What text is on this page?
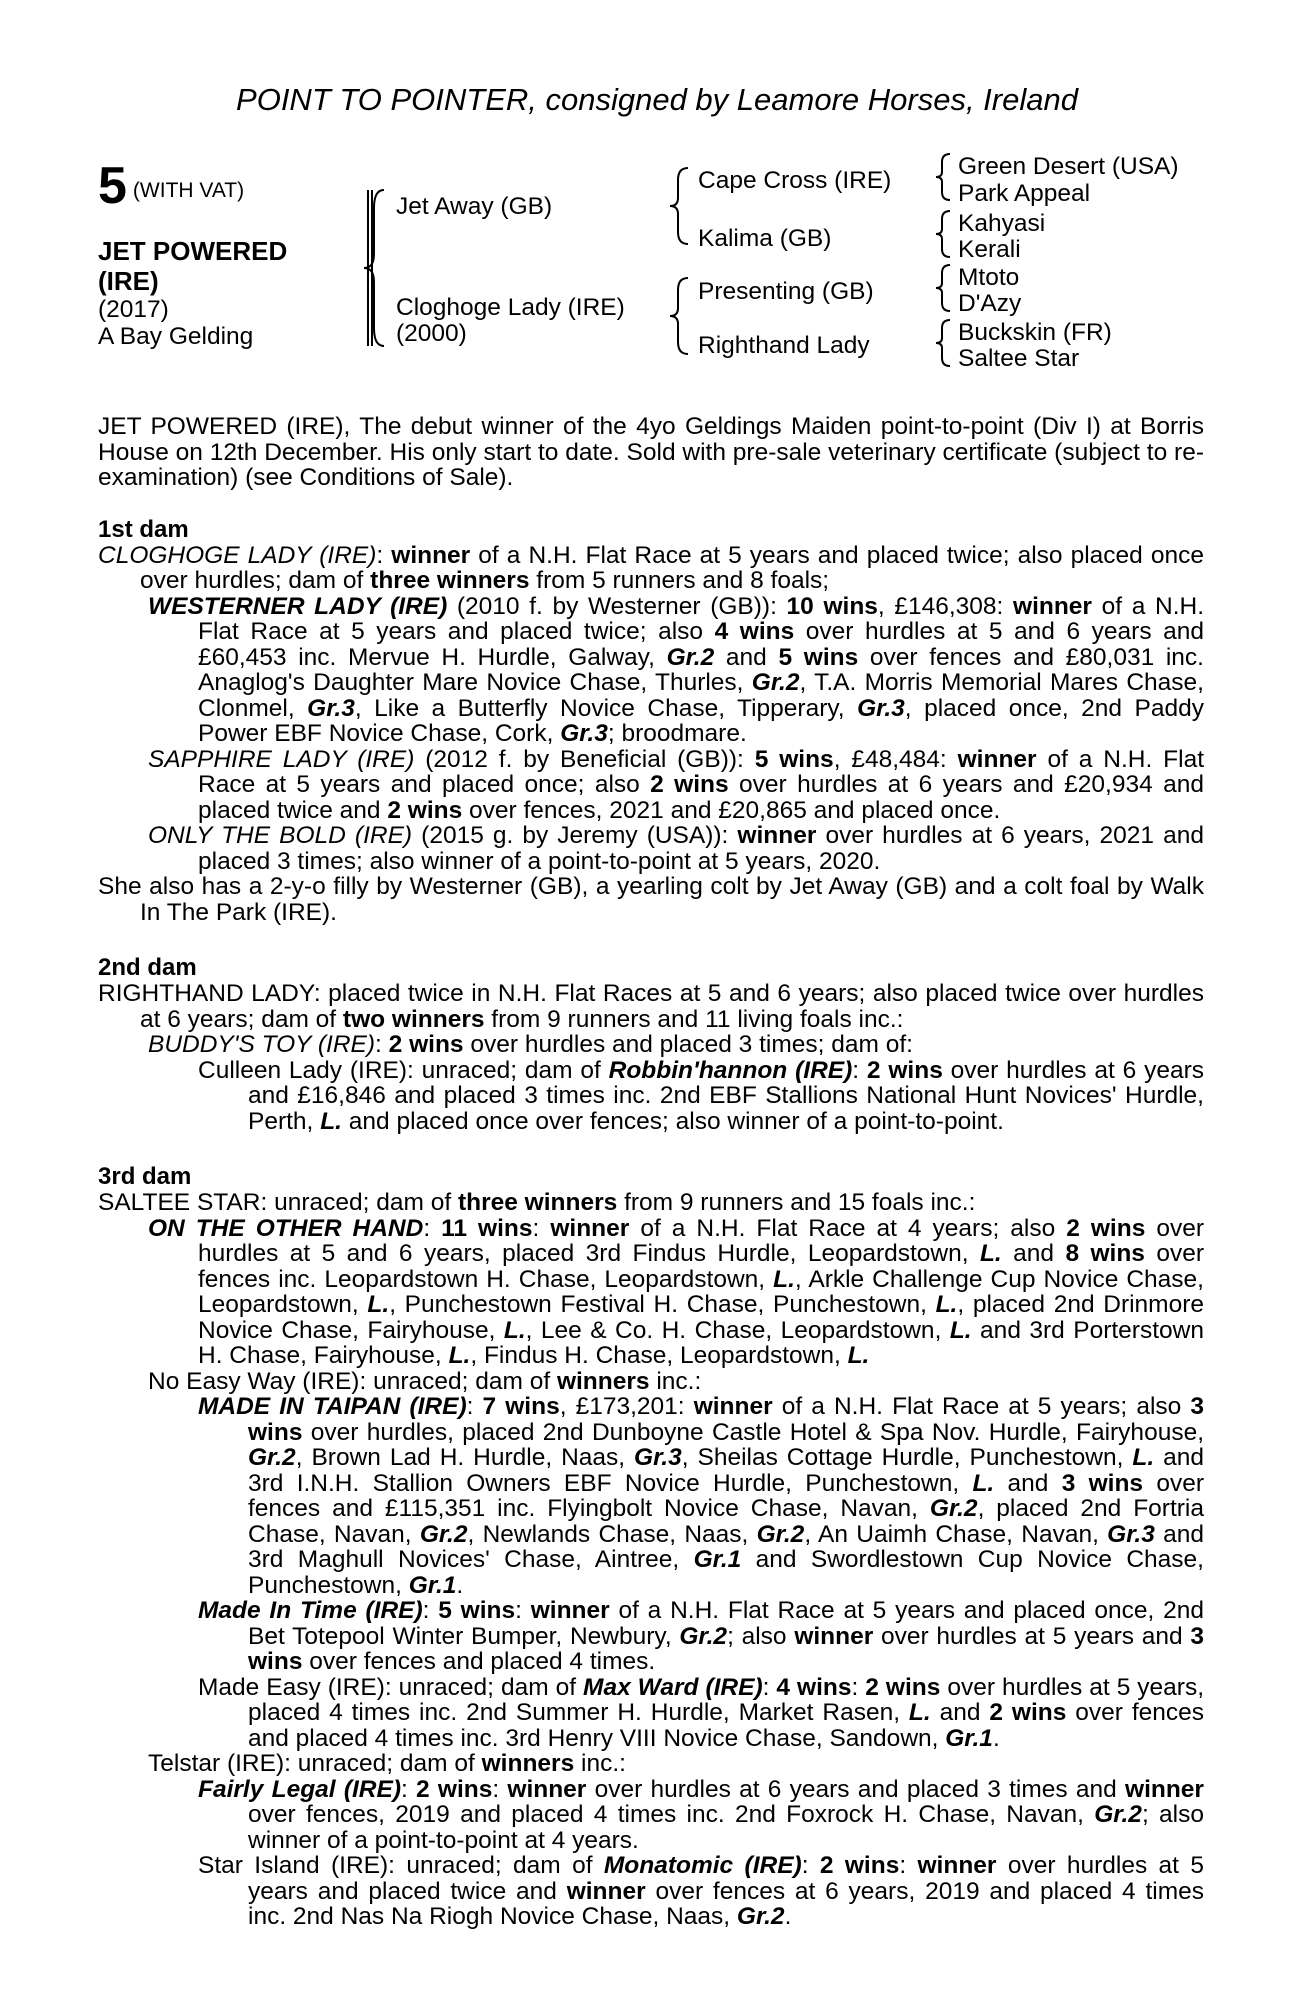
POINT TO POINTER, consigned by Leamore Horses, Ireland
5 (WITH VAT)
JET POWERED
(IRE)
(2017)
A Bay Gelding
Jet Away (GB)
Cloghoge Lady (IRE)
(2000)
Cape Cross (IRE)
Kalima (GB)
Presenting (GB)
Righthand Lady
Green Desert (USA)
Park Appeal
Kahyasi
Kerali
Mtoto
D'Azy
Buckskin (FR)
Saltee Star

JET POWERED (IRE), The debut winner of the 4yo Geldings Maiden point-to-point (Div I) at Borris House on 12th December. His only start to date. Sold with pre-sale veterinary certificate (subject to re-examination) (see Conditions of Sale).

1st dam

CLOGHOGE LADY (IRE): winner of a N.H. Flat Race at 5 years and placed twice; also placed once over hurdles; dam of three winners from 5 runners and 8 foals;

WESTERNER LADY (IRE) (2010 f. by Westerner (GB)): 10 wins, £146,308: winner of a N.H. Flat Race at 5 years and placed twice; also 4 wins over hurdles at 5 and 6 years and £60,453 inc. Mervue H. Hurdle, Galway, Gr.2 and 5 wins over fences and £80,031 inc. Anaglog's Daughter Mare Novice Chase, Thurles, Gr.2, T.A. Morris Memorial Mares Chase, Clonmel, Gr.3, Like a Butterfly Novice Chase, Tipperary, Gr.3, placed once, 2nd Paddy Power EBF Novice Chase, Cork, Gr.3; broodmare.

SAPPHIRE LADY (IRE) (2012 f. by Beneficial (GB)): 5 wins, £48,484: winner of a N.H. Flat Race at 5 years and placed once; also 2 wins over hurdles at 6 years and £20,934 and placed twice and 2 wins over fences, 2021 and £20,865 and placed once.

ONLY THE BOLD (IRE) (2015 g. by Jeremy (USA)): winner over hurdles at 6 years, 2021 and placed 3 times; also winner of a point-to-point at 5 years, 2020.

She also has a 2-y-o filly by Westerner (GB), a yearling colt by Jet Away (GB) and a colt foal by Walk In The Park (IRE).

2nd dam

RIGHTHAND LADY: placed twice in N.H. Flat Races at 5 and 6 years; also placed twice over hurdles at 6 years; dam of two winners from 9 runners and 11 living foals inc.:

BUDDY'S TOY (IRE): 2 wins over hurdles and placed 3 times; dam of:

Culleen Lady (IRE): unraced; dam of Robbin'hannon (IRE): 2 wins over hurdles at 6 years and £16,846 and placed 3 times inc. 2nd EBF Stallions National Hunt Novices' Hurdle, Perth, L. and placed once over fences; also winner of a point-to-point.

3rd dam

SALTEE STAR: unraced; dam of three winners from 9 runners and 15 foals inc.:

ON THE OTHER HAND: 11 wins: winner of a N.H. Flat Race at 4 years; also 2 wins over hurdles at 5 and 6 years, placed 3rd Findus Hurdle, Leopardstown, L. and 8 wins over fences inc. Leopardstown H. Chase, Leopardstown, L., Arkle Challenge Cup Novice Chase, Leopardstown, L., Punchestown Festival H. Chase, Punchestown, L., placed 2nd Drinmore Novice Chase, Fairyhouse, L., Lee & Co. H. Chase, Leopardstown, L. and 3rd Porterstown H. Chase, Fairyhouse, L., Findus H. Chase, Leopardstown, L.

No Easy Way (IRE): unraced; dam of winners inc.:

MADE IN TAIPAN (IRE): 7 wins, £173,201: winner of a N.H. Flat Race at 5 years; also 3 wins over hurdles, placed 2nd Dunboyne Castle Hotel & Spa Nov. Hurdle, Fairyhouse, Gr.2, Brown Lad H. Hurdle, Naas, Gr.3, Sheilas Cottage Hurdle, Punchestown, L. and 3rd I.N.H. Stallion Owners EBF Novice Hurdle, Punchestown, L. and 3 wins over fences and £115,351 inc. Flyingbolt Novice Chase, Navan, Gr.2, placed 2nd Fortria Chase, Navan, Gr.2, Newlands Chase, Naas, Gr.2, An Uaimh Chase, Navan, Gr.3 and 3rd Maghull Novices' Chase, Aintree, Gr.1 and Swordlestown Cup Novice Chase, Punchestown, Gr.1.

Made In Time (IRE): 5 wins: winner of a N.H. Flat Race at 5 years and placed once, 2nd Bet Totepool Winter Bumper, Newbury, Gr.2; also winner over hurdles at 5 years and 3 wins over fences and placed 4 times.

Made Easy (IRE): unraced; dam of Max Ward (IRE): 4 wins: 2 wins over hurdles at 5 years, placed 4 times inc. 2nd Summer H. Hurdle, Market Rasen, L. and 2 wins over fences and placed 4 times inc. 3rd Henry VIII Novice Chase, Sandown, Gr.1.

Telstar (IRE): unraced; dam of winners inc.:

Fairly Legal (IRE): 2 wins: winner over hurdles at 6 years and placed 3 times and winner over fences, 2019 and placed 4 times inc. 2nd Foxrock H. Chase, Navan, Gr.2; also winner of a point-to-point at 4 years.

Star Island (IRE): unraced; dam of Monatomic (IRE): 2 wins: winner over hurdles at 5 years and placed twice and winner over fences at 6 years, 2019 and placed 4 times inc. 2nd Nas Na Riogh Novice Chase, Naas, Gr.2.
